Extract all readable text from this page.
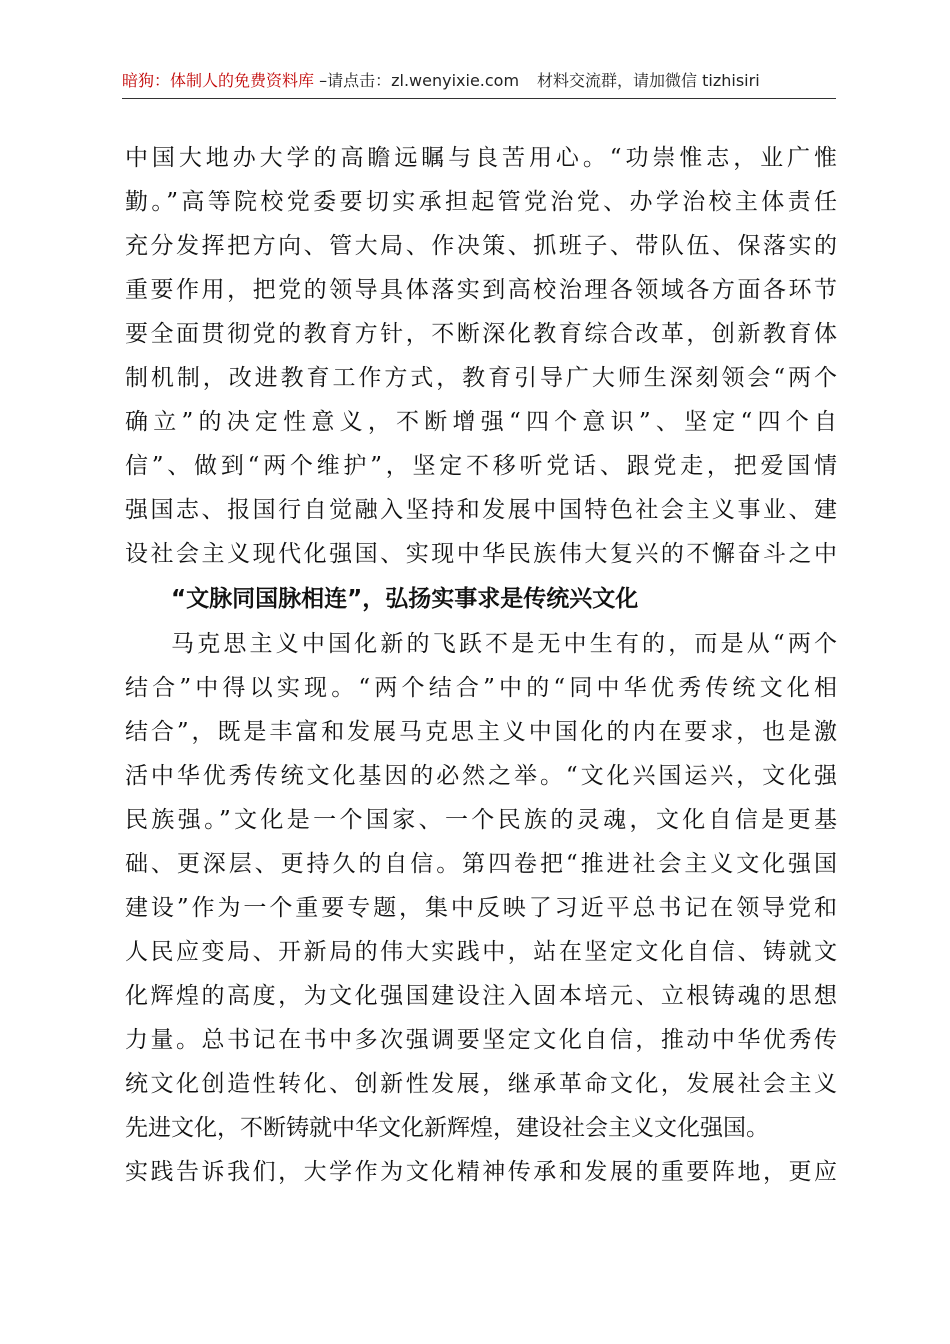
暗狗：体制人的免费资料库 –请点击：zl.wenyixie.com 材料交流群，请加微信 tizhisiri
中国大地办大学的高瞻远瞩与良苦用心。“功崇惟志，业广惟
勤。”高等院校党委要切实承担起管党治党、办学治校主体责任
充分发挥把方向、管大局、作决策、抓班子、带队伍、保落实的
重要作用，把党的领导具体落实到高校治理各领域各方面各环节
要全面贯彻党的教育方针，不断深化教育综合改革，创新教育体
制机制，改进教育工作方式，教育引导广大师生深刻领会“两个
确立”的决定性意义，不断增强“四个意识”、坚定“四个自
信”、做到“两个维护”，坚定不移听党话、跟党走，把爱国情
强国志、报国行自觉融入坚持和发展中国特色社会主义事业、建
设社会主义现代化强国、实现中华民族伟大复兴的不懈奋斗之中
“文脉同国脉相连”，弘扬实事求是传统兴文化
马克思主义中国化新的飞跃不是无中生有的，而是从“两个
结合”中得以实现。“两个结合”中的“同中华优秀传统文化相
结合”，既是丰富和发展马克思主义中国化的内在要求，也是激
活中华优秀传统文化基因的必然之举。“文化兴国运兴，文化强
民族强。”文化是一个国家、一个民族的灵魂，文化自信是更基
础、更深层、更持久的自信。第四卷把“推进社会主义文化强国
建设”作为一个重要专题，集中反映了习近平总书记在领导党和
人民应变局、开新局的伟大实践中，站在坚定文化自信、铸就文
化辉煌的高度，为文化强国建设注入固本培元、立根铸魂的思想
力量。总书记在书中多次强调要坚定文化自信，推动中华优秀传
统文化创造性转化、创新性发展，继承革命文化，发展社会主义
先进文化，不断铸就中华文化新辉煌，建设社会主义文化强国。
实践告诉我们，大学作为文化精神传承和发展的重要阵地，更应
